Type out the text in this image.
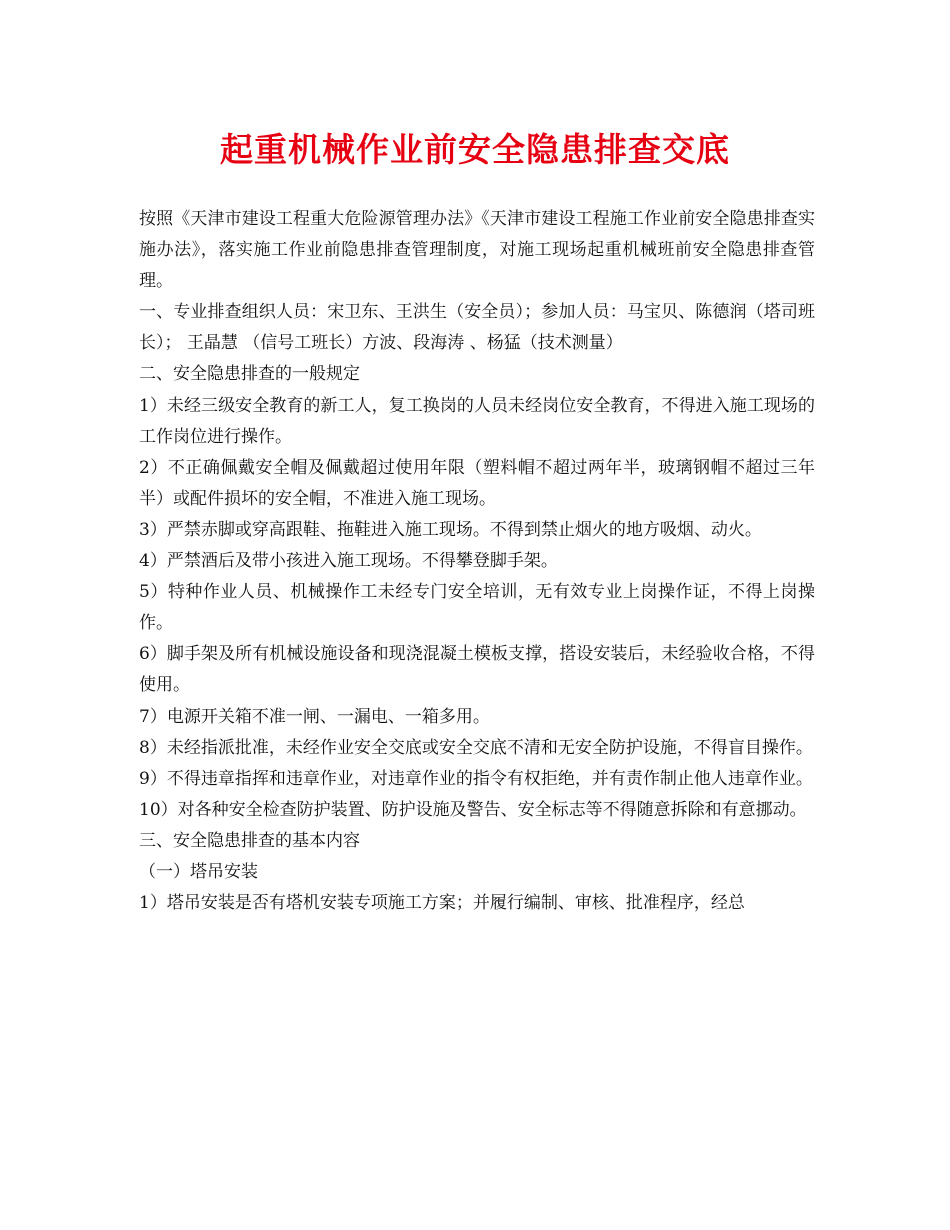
起重机械作业前安全隐患排查交底

按照《天津市建设工程重大危险源管理办法》《天津市建设工程施工作业前安全隐患排查实施办法》，落实施工作业前隐患排查管理制度，对施工现场起重机械班前安全隐患排查管理。

一、专业排查组织人员：宋卫东、王洪生（安全员）；参加人员：马宝贝、陈德润（塔司班长）； 王晶慧 （信号工班长）方波、段海涛 、杨猛（技术测量）

二、安全隐患排查的一般规定

1）未经三级安全教育的新工人，复工换岗的人员未经岗位安全教育，不得进入施工现场的工作岗位进行操作。

2）不正确佩戴安全帽及佩戴超过使用年限（塑料帽不超过两年半，玻璃钢帽不超过三年半）或配件损坏的安全帽，不准进入施工现场。

3）严禁赤脚或穿高跟鞋、拖鞋进入施工现场。不得到禁止烟火的地方吸烟、动火。

4）严禁酒后及带小孩进入施工现场。不得攀登脚手架。

5）特种作业人员、机械操作工未经专门安全培训，无有效专业上岗操作证，不得上岗操作。

6）脚手架及所有机械设施设备和现浇混凝土模板支撑，搭设安装后，未经验收合格，不得使用。

7）电源开关箱不准一闸、一漏电、一箱多用。

8）未经指派批准，未经作业安全交底或安全交底不清和无安全防护设施，不得盲目操作。

9）不得违章指挥和违章作业，对违章作业的指令有权拒绝，并有责作制止他人违章作业。

10）对各种安全检查防护装置、防护设施及警告、安全标志等不得随意拆除和有意挪动。

三、安全隐患排查的基本内容

（一）塔吊安装

1）塔吊安装是否有塔机安装专项施工方案；并履行编制、审核、批准程序，经总
